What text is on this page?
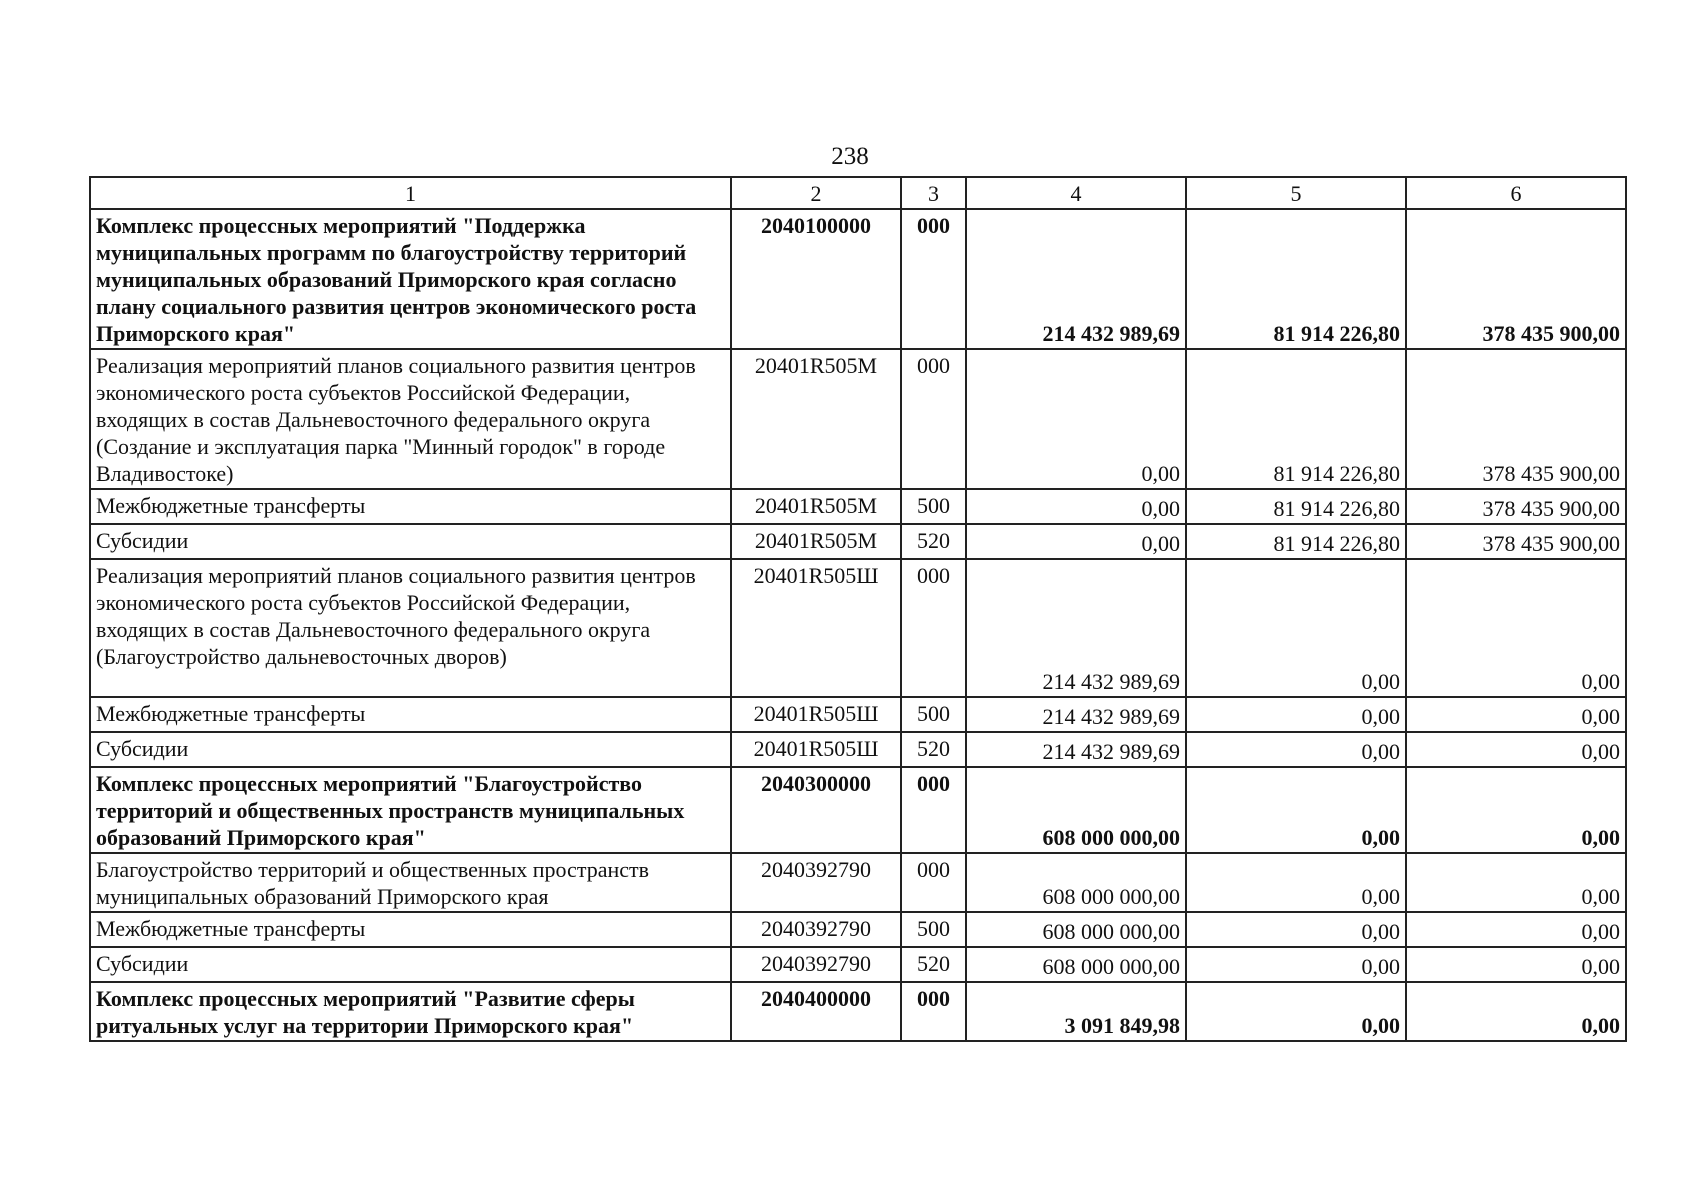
238
1	2	3	4	5	6
Комплекс процессных мероприятий "Поддержка муниципальных программ по благоустройству территорий муниципальных образований Приморского края согласно плану социального развития центров экономического роста Приморского края"	2040100000	000	214 432 989,69	81 914 226,80	378 435 900,00
Реализация мероприятий планов социального развития центров экономического роста субъектов Российской Федерации, входящих в состав Дальневосточного федерального округа (Создание и эксплуатация парка "Минный городок" в городе Владивостоке)	20401R505M	000	0,00	81 914 226,80	378 435 900,00
Межбюджетные трансферты	20401R505M	500	0,00	81 914 226,80	378 435 900,00
Субсидии	20401R505M	520	0,00	81 914 226,80	378 435 900,00
Реализация мероприятий планов социального развития центров экономического роста субъектов Российской Федерации, входящих в состав Дальневосточного федерального округа (Благоустройство дальневосточных дворов)	20401R505Ш	000	214 432 989,69	0,00	0,00
Межбюджетные трансферты	20401R505Ш	500	214 432 989,69	0,00	0,00
Субсидии	20401R505Ш	520	214 432 989,69	0,00	0,00
Комплекс процессных мероприятий "Благоустройство территорий и общественных пространств муниципальных образований Приморского края"	2040300000	000	608 000 000,00	0,00	0,00
Благоустройство территорий и общественных пространств муниципальных образований Приморского края	2040392790	000	608 000 000,00	0,00	0,00
Межбюджетные трансферты	2040392790	500	608 000 000,00	0,00	0,00
Субсидии	2040392790	520	608 000 000,00	0,00	0,00
Комплекс процессных мероприятий "Развитие сферы ритуальных услуг на территории Приморского края"	2040400000	000	3 091 849,98	0,00	0,00
